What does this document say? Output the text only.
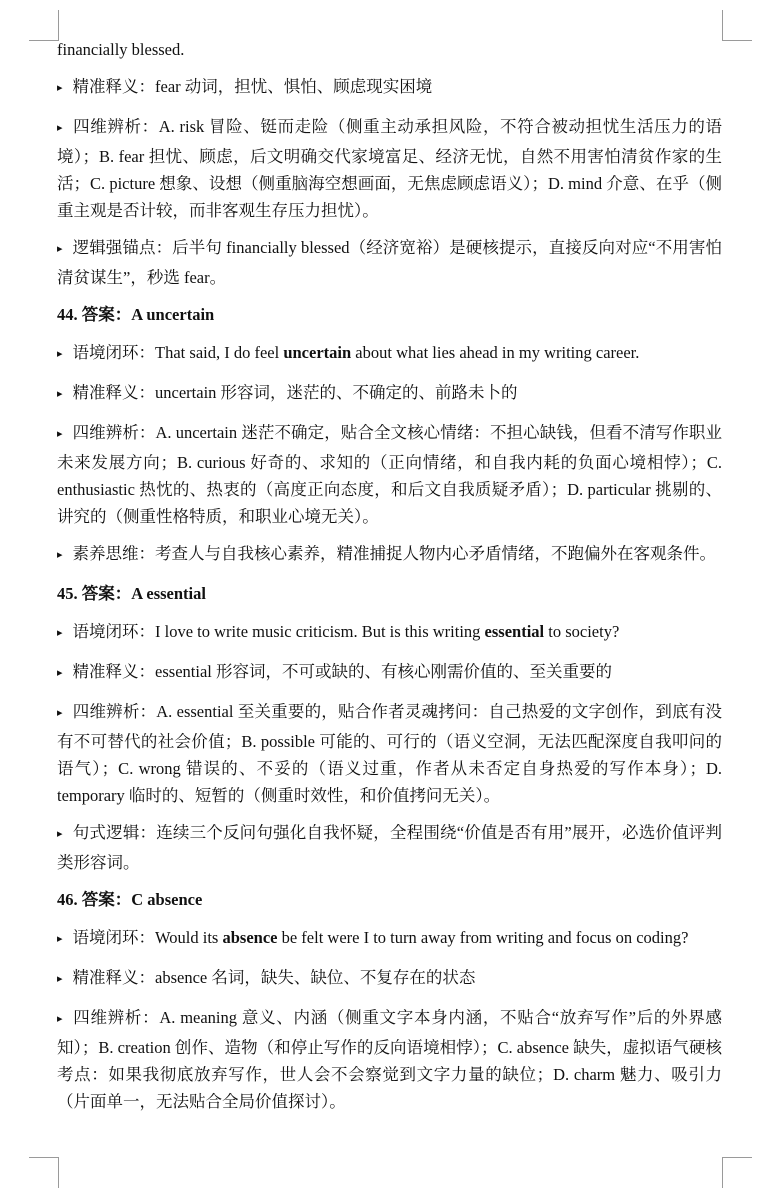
financially blessed.

▸ 精准释义：fear 动词，担忧、惧怕、顾虑现实困境

▸ 四维辨析：A. risk 冒险、铤而走险（侧重主动承担风险，不符合被动担忧生活压力的语境）；B. fear 担忧、顾虑，后文明确交代家境富足、经济无忧，自然不用害怕清贫作家的生活；C. picture 想象、设想（侧重脑海空想画面，无焦虑顾虑语义）；D. mind 介意、在乎（侧重主观是否计较，而非客观生存压力担忧）。

▸ 逻辑强锚点：后半句 financially blessed（经济宽裕）是硬核提示，直接反向对应“不用害怕清贫谋生”，秒选 fear。

44. 答案：A uncertain

▸ 语境闭环：That said, I do feel uncertain about what lies ahead in my writing career.

▸ 精准释义：uncertain 形容词，迷茫的、不确定的、前路未卜的

▸ 四维辨析：A. uncertain 迷茫不确定，贴合全文核心情绪：不担心缺钱，但看不清写作职业未来发展方向；B. curious 好奇的、求知的（正向情绪，和自我内耗的负面心境相悖）；C. enthusiastic 热忱的、热衷的（高度正向态度，和后文自我质疑矛盾）；D. particular 挑剔的、讲究的（侧重性格特质，和职业心境无关）。

▸ 素养思维：考查人与自我核心素养，精准捕捉人物内心矛盾情绪，不跑偏外在客观条件。

45. 答案：A essential

▸ 语境闭环：I love to write music criticism. But is this writing essential to society?

▸ 精准释义：essential 形容词，不可或缺的、有核心刚需价值的、至关重要的

▸ 四维辨析：A. essential 至关重要的，贴合作者灵魂拷问：自己热爱的文字创作，到底有没有不可替代的社会价值；B. possible 可能的、可行的（语义空洞，无法匹配深度自我叩问的语气）；C. wrong 错误的、不妥的（语义过重，作者从未否定自身热爱的写作本身）；D. temporary 临时的、短暂的（侧重时效性，和价值拷问无关）。

▸ 句式逻辑：连续三个反问句强化自我怀疑，全程围绕“价值是否有用”展开，必选价值评判类形容词。

46. 答案：C absence

▸ 语境闭环：Would its absence be felt were I to turn away from writing and focus on coding?

▸ 精准释义：absence 名词，缺失、缺位、不复存在的状态

▸ 四维辨析：A. meaning 意义、内涵（侧重文字本身内涵，不贴合“放弃写作”后的外界感知）；B. creation 创作、造物（和停止写作的反向语境相悖）；C. absence 缺失，虚拟语气硬核考点：如果我彻底放弃写作，世人会不会察觉到文字力量的缺位；D. charm 魅力、吸引力（片面单一，无法贴合全局价值探讨）。
